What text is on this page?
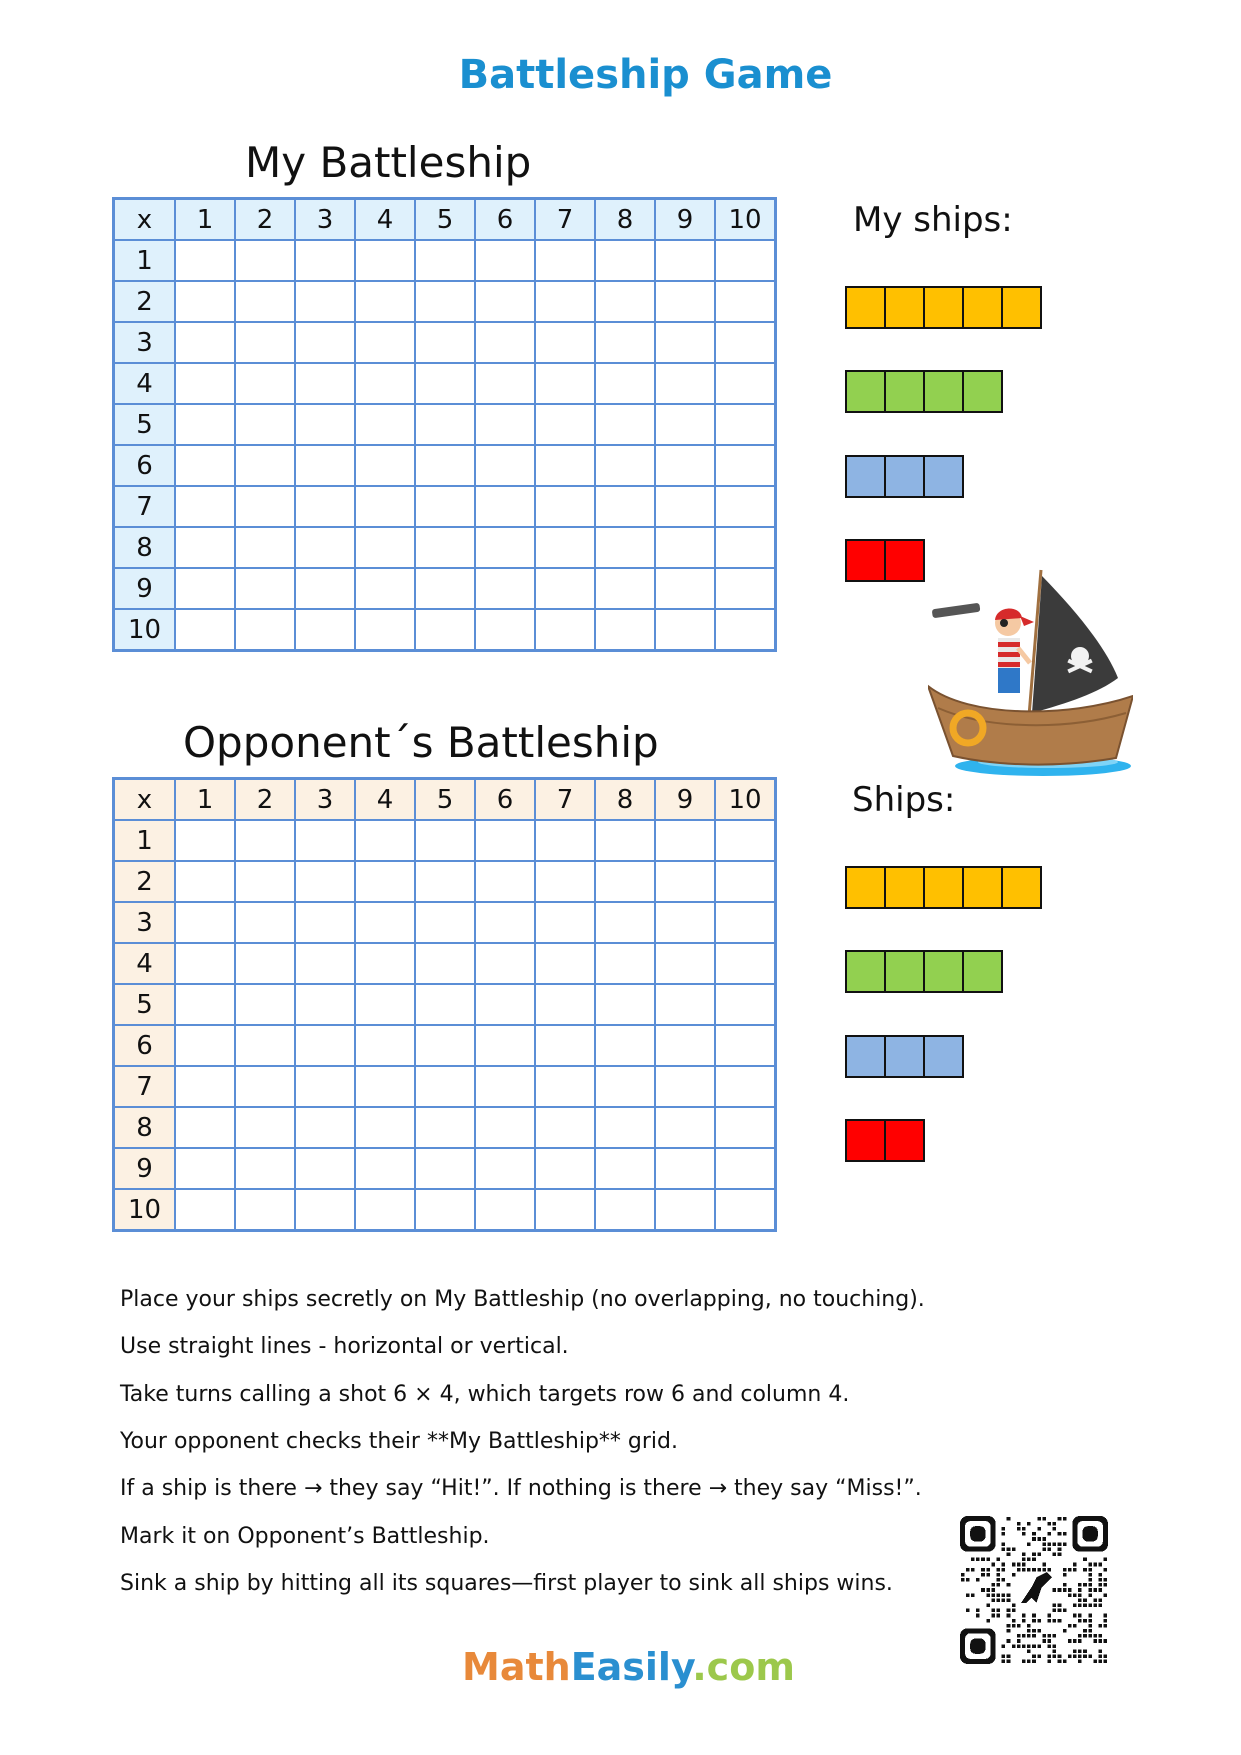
Battleship Game
My Battleship
x	1	2	3	4	5	6	7	8	9	10
1										
2										
3										
4										
5										
6										
7										
8										
9										
10										
My ships:
Opponent´s Battleship
x	1	2	3	4	5	6	7	8	9	10
1										
2										
3										
4										
5										
6										
7										
8										
9										
10										
Ships:
Place your ships secretly on My Battleship (no overlapping, no touching).
Use straight lines - horizontal or vertical.
Take turns calling a shot 6 × 4, which targets row 6 and column 4.
Your opponent checks their **My Battleship** grid.
If a ship is there → they say “Hit!”. If nothing is there → they say “Miss!”.
Mark it on Opponent’s Battleship.
Sink a ship by hitting all its squares—first player to sink all ships wins.
MathEasily.com
